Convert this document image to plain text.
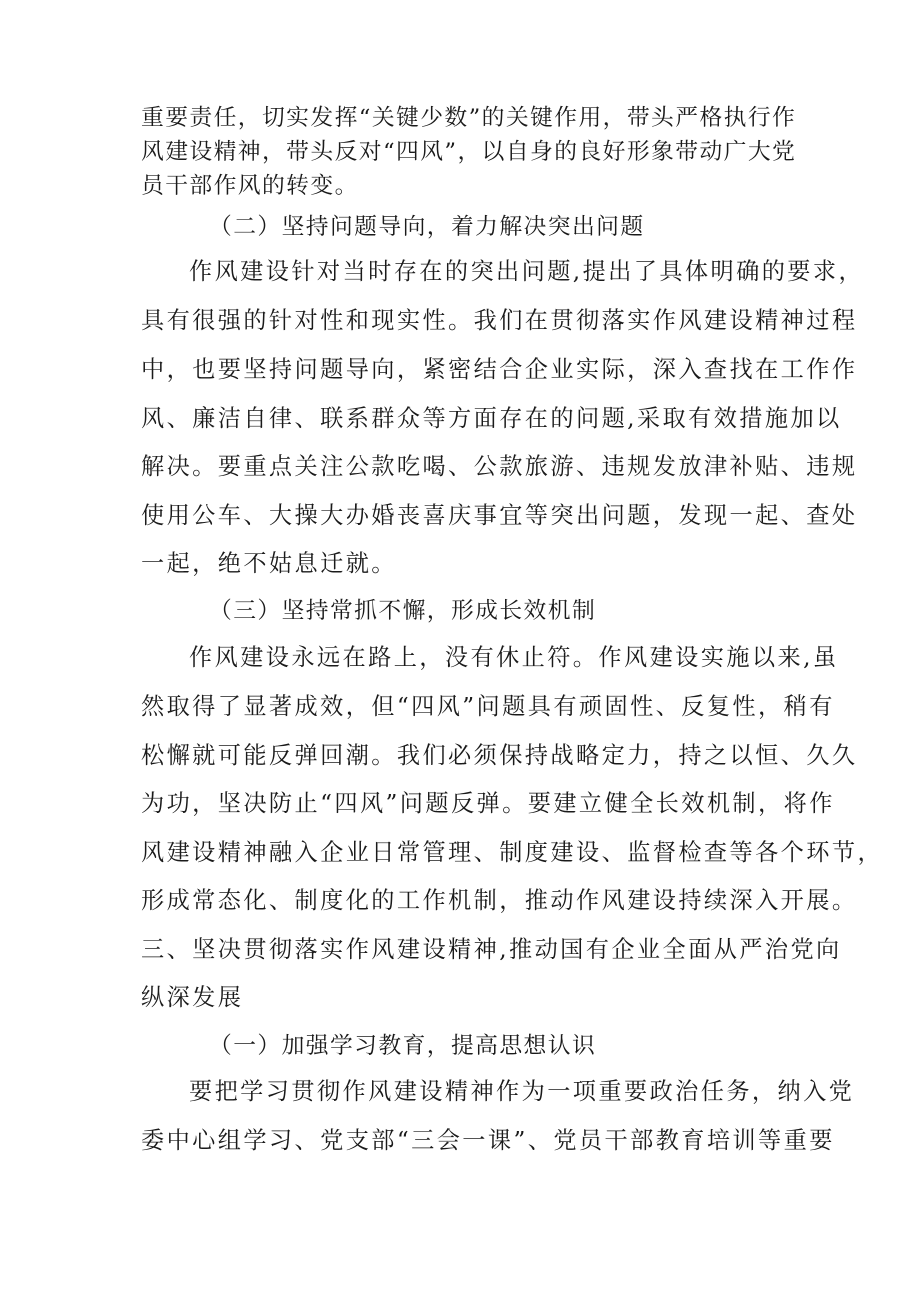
重要责任，切实发挥“关键少数”的关键作用，带头严格执行作
风建设精神，带头反对“四风”，以自身的良好形象带动广大党
员干部作风的转变。
（二）坚持问题导向，着力解决突出问题
作风建设针对当时存在的突出问题,提出了具体明确的要求，
具有很强的针对性和现实性。我们在贯彻落实作风建设精神过程
中，也要坚持问题导向，紧密结合企业实际，深入查找在工作作
风、廉洁自律、联系群众等方面存在的问题,采取有效措施加以
解决。要重点关注公款吃喝、公款旅游、违规发放津补贴、违规
使用公车、大操大办婚丧喜庆事宜等突出问题，发现一起、查处
一起，绝不姑息迁就。
（三）坚持常抓不懈，形成长效机制
作风建设永远在路上，没有休止符。作风建设实施以来,虽
然取得了显著成效，但“四风”问题具有顽固性、反复性，稍有
松懈就可能反弹回潮。我们必须保持战略定力，持之以恒、久久
为功，坚决防止“四风”问题反弹。要建立健全长效机制，将作
风建设精神融入企业日常管理、制度建设、监督检查等各个环节，
形成常态化、制度化的工作机制，推动作风建设持续深入开展。
三、坚决贯彻落实作风建设精神,推动国有企业全面从严治党向
纵深发展
（一）加强学习教育，提高思想认识
要把学习贯彻作风建设精神作为一项重要政治任务，纳入党
委中心组学习、党支部“三会一课”、党员干部教育培训等重要
